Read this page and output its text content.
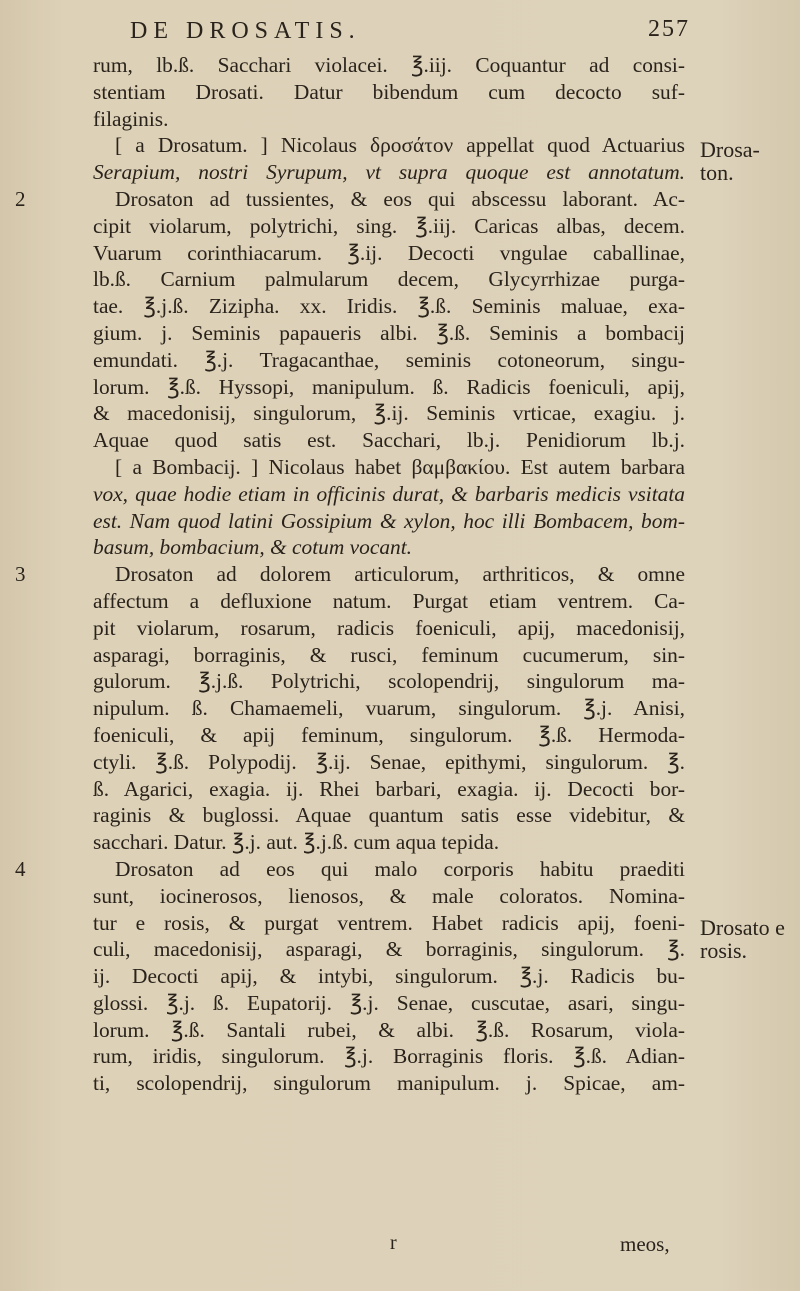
DE DROSATIS.	257
rum, lb.ß. Sacchari violacei. ℥.iij. Coquantur ad consi-
stentiam Drosati. Datur bibendum cum decocto suf-
filaginis.
[ a Drosatum. ] Nicolaus δροσάτον appellat quod Actuarius
Serapium, nostri Syrupum, vt supra quoque est annotatum.
Drosaton ad tussientes, & eos qui abscessu laborant. Ac-
2
cipit violarum, polytrichi, sing. ℥.iij. Caricas albas, decem.
Vuarum corinthiacarum. ℥.ij. Decocti vngulae caballinae,
lb.ß. Carnium palmularum decem, Glycyrrhizae purga-
tae. ℥.j.ß. Zizipha. xx. Iridis. ℥.ß. Seminis maluae, exa-
gium. j. Seminis papaueris albi. ℥.ß. Seminis a bombacij
emundati. ℥.j. Tragacanthae, seminis cotoneorum, singu-
lorum. ℥.ß. Hyssopi, manipulum. ß. Radicis foeniculi, apij,
& macedonisij, singulorum, ℥.ij. Seminis vrticae, exagiu. j.
Aquae quod satis est. Sacchari, lb.j. Penidiorum lb.j.
[ a Bombacij. ] Nicolaus habet βαμβακίου. Est autem barbara
vox, quae hodie etiam in officinis durat, & barbaris medicis vsitata
est. Nam quod latini Gossipium & xylon, hoc illi Bombacem, bom-
basum, bombacium, & cotum vocant.
Drosaton ad dolorem articulorum, arthriticos, & omne
3
affectum a defluxione natum. Purgat etiam ventrem. Ca-
pit violarum, rosarum, radicis foeniculi, apij, macedonisij,
asparagi, borraginis, & rusci, feminum cucumerum, sin-
gulorum. ℥.j.ß. Polytrichi, scolopendrij, singulorum ma-
nipulum. ß. Chamaemeli, vuarum, singulorum. ℥.j. Anisi,
foeniculi, & apij feminum, singulorum. ℥.ß. Hermoda-
ctyli. ℥.ß. Polypodij. ℥.ij. Senae, epithymi, singulorum. ℥.
ß. Agarici, exagia. ij. Rhei barbari, exagia. ij. Decocti bor-
raginis & buglossi. Aquae quantum satis esse videbitur, &
sacchari. Datur. ℥.j. aut. ℥.j.ß. cum aqua tepida.
Drosaton ad eos qui malo corporis habitu praediti
4
sunt, iocinerosos, lienosos, & male coloratos. Nomina-
tur e rosis, & purgat ventrem. Habet radicis apij, foeni-
culi, macedonisij, asparagi, & borraginis, singulorum. ℥.
ij. Decocti apij, & intybi, singulorum. ℥.j. Radicis bu-
glossi. ℥.j. ß. Eupatorij. ℥.j. Senae, cuscutae, asari, singu-
lorum. ℥.ß. Santali rubei, & albi. ℥.ß. Rosarum, viola-
rum, iridis, singulorum. ℥.j. Borraginis floris. ℥.ß. Adian-
ti, scolopendrij, singulorum manipulum. j. Spicae, am-
Drosa- ton.
Drosato e rosis.
r	meos,
